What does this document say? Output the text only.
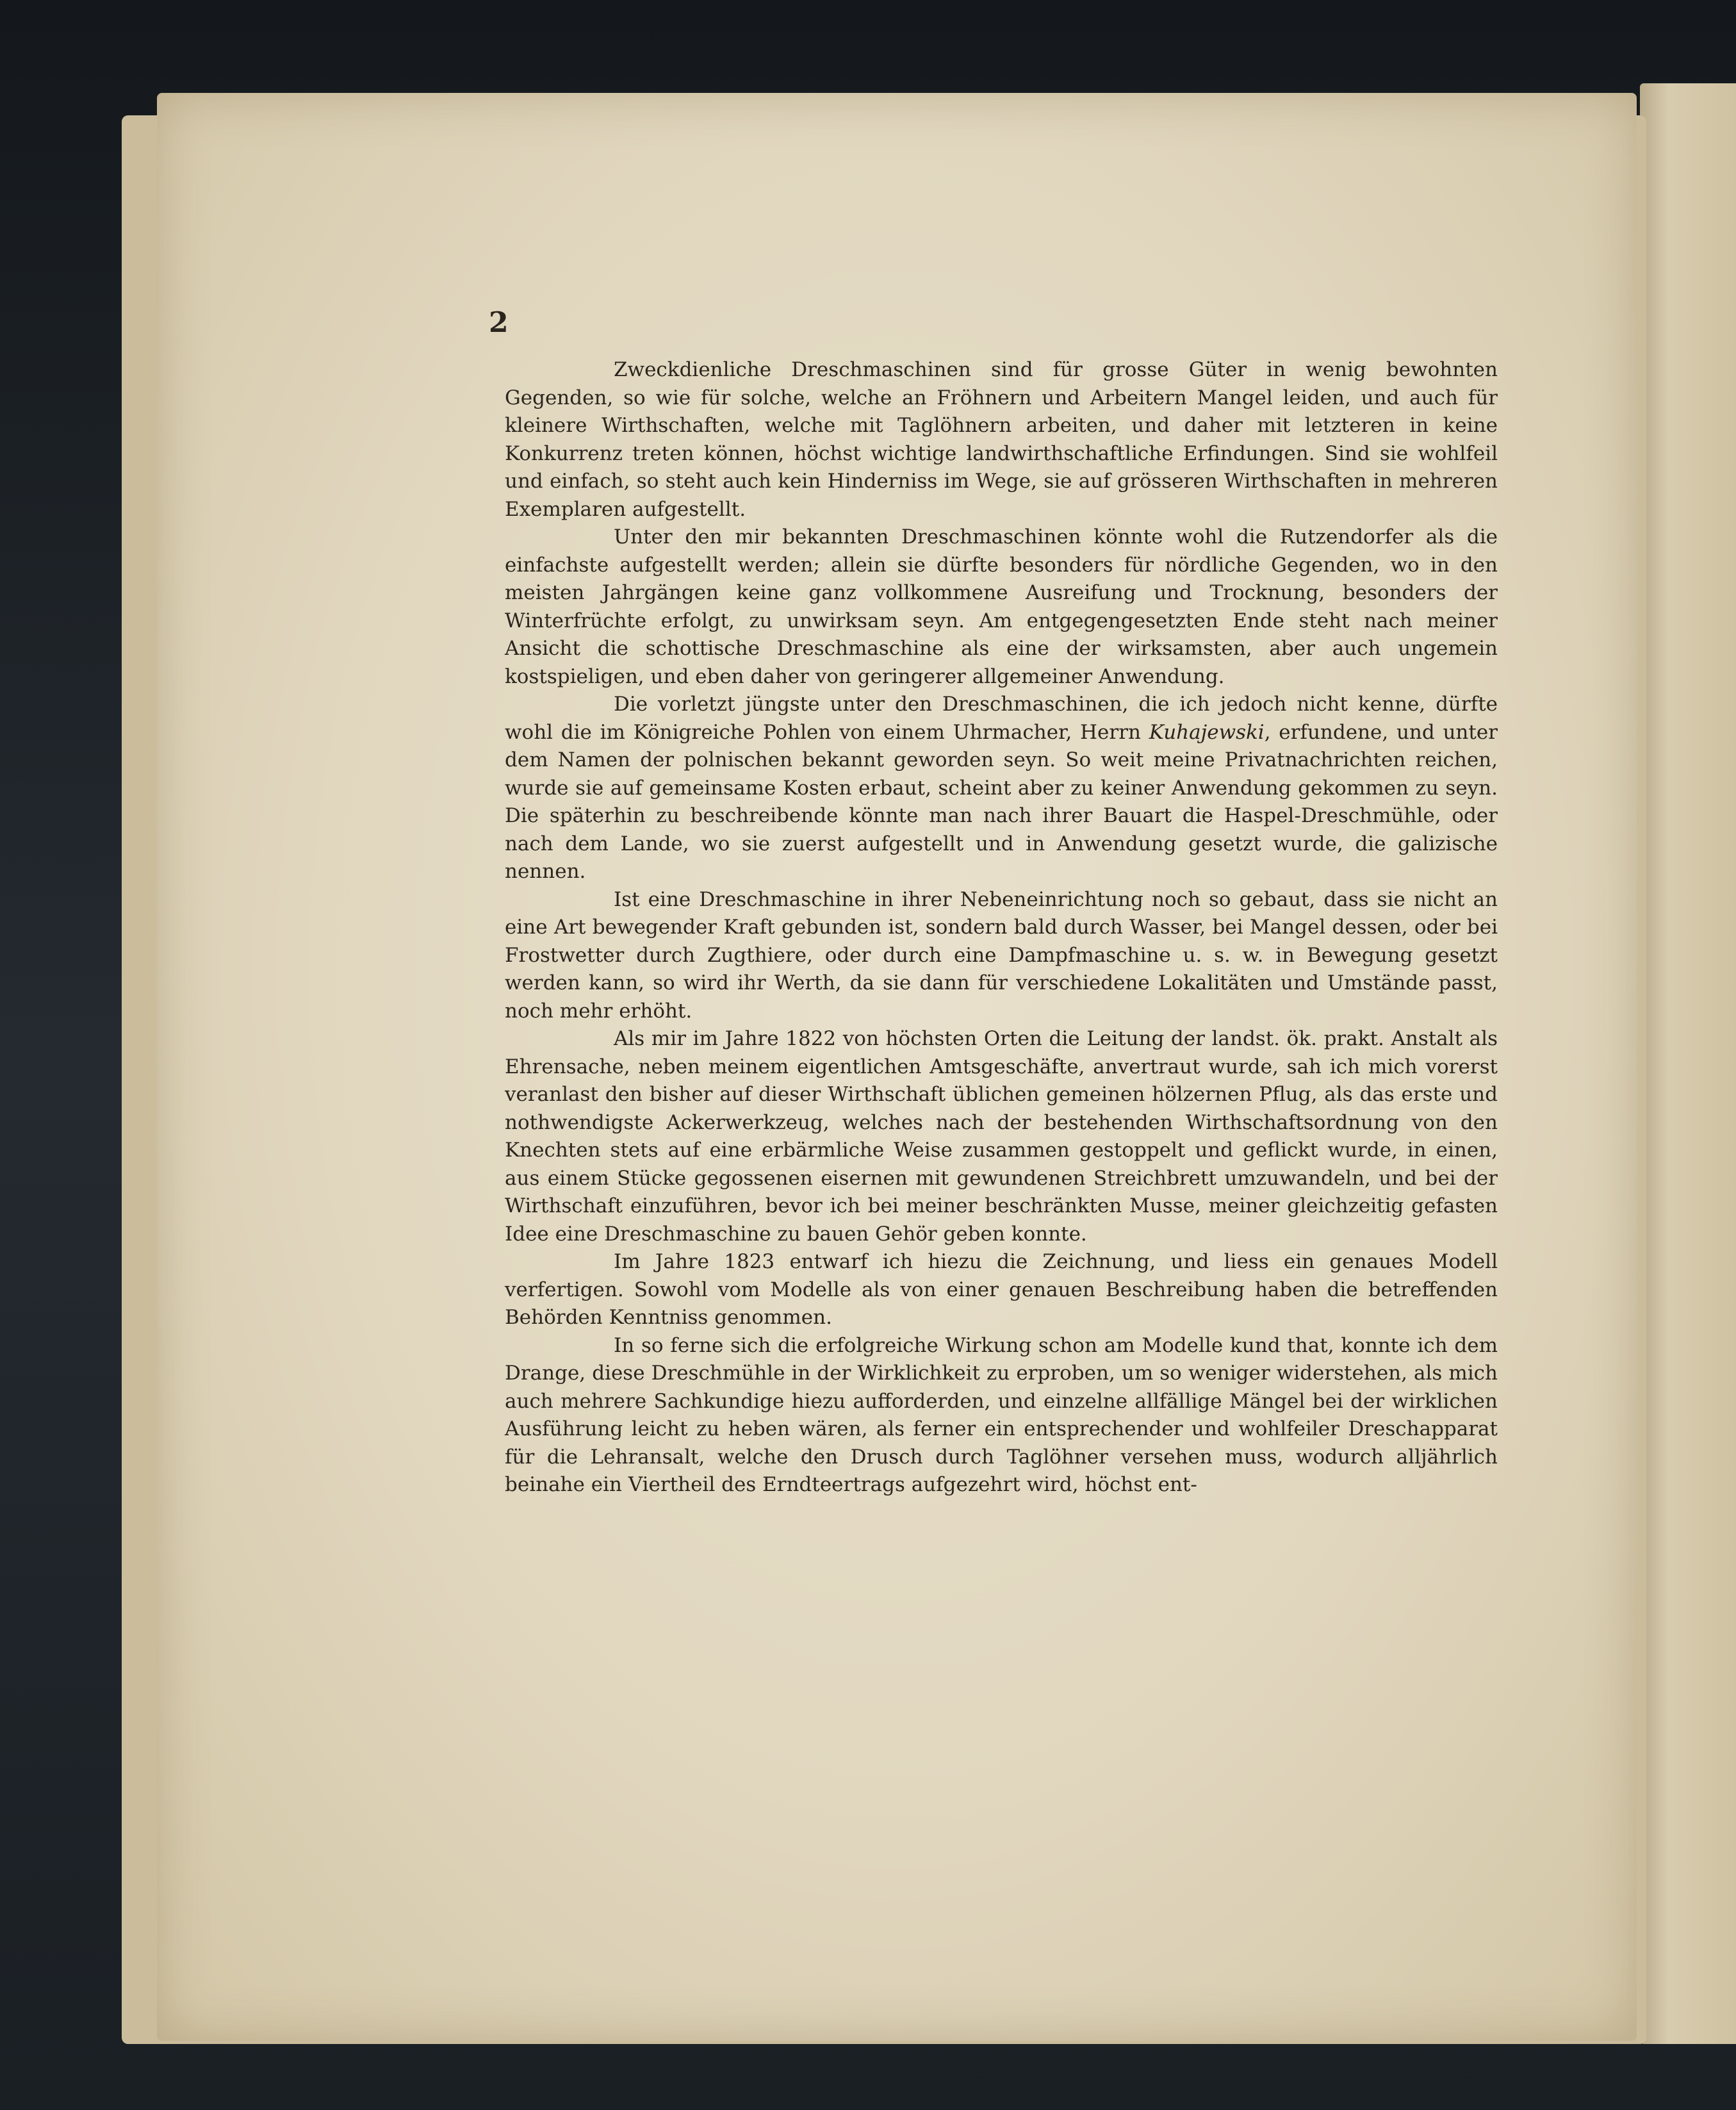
2

Zweckdienliche Dreschmaschinen sind für grosse Güter in wenig bewohnten Gegenden, so wie für solche, welche an Fröhnern und Arbeitern Mangel leiden, und auch für kleinere Wirthschaften, welche mit Taglöhnern arbeiten, und daher mit letzteren in keine Konkurrenz treten können, höchst wichtige landwirthschaftliche Erfindungen. Sind sie wohlfeil und einfach, so steht auch kein Hinderniss im Wege, sie auf grösseren Wirthschaften in mehreren Exemplaren aufgestellt.

Unter den mir bekannten Dreschmaschinen könnte wohl die Rutzendorfer als die einfachste aufgestellt werden; allein sie dürfte besonders für nördliche Gegenden, wo in den meisten Jahrgängen keine ganz vollkommene Ausreifung und Trocknung, besonders der Winterfrüchte erfolgt, zu unwirksam seyn. Am entgegengesetzten Ende steht nach meiner Ansicht die schottische Dreschmaschine als eine der wirksamsten, aber auch ungemein kostspieligen, und eben daher von geringerer allgemeiner Anwendung.

Die vorletzt jüngste unter den Dreschmaschinen, die ich jedoch nicht kenne, dürfte wohl die im Königreiche Pohlen von einem Uhrmacher, Herrn Kuhajewski, erfundene, und unter dem Namen der polnischen bekannt geworden seyn. So weit meine Privatnachrichten reichen, wurde sie auf gemeinsame Kosten erbaut, scheint aber zu keiner Anwendung gekommen zu seyn. Die späterhin zu beschreibende könnte man nach ihrer Bauart die Haspel-Dreschmühle, oder nach dem Lande, wo sie zuerst aufgestellt und in Anwendung gesetzt wurde, die galizische nennen.

Ist eine Dreschmaschine in ihrer Nebeneinrichtung noch so gebaut, dass sie nicht an eine Art bewegender Kraft gebunden ist, sondern bald durch Wasser, bei Mangel dessen, oder bei Frostwetter durch Zugthiere, oder durch eine Dampfmaschine u. s. w. in Bewegung gesetzt werden kann, so wird ihr Werth, da sie dann für verschiedene Lokalitäten und Umstände passt, noch mehr erhöht.

Als mir im Jahre 1822 von höchsten Orten die Leitung der landst. ök. prakt. Anstalt als Ehrensache, neben meinem eigentlichen Amtsgeschäfte, anvertraut wurde, sah ich mich vorerst veranlast den bisher auf dieser Wirthschaft üblichen gemeinen hölzernen Pflug, als das erste und nothwendigste Ackerwerkzeug, welches nach der bestehenden Wirthschaftsordnung von den Knechten stets auf eine erbärmliche Weise zusammen gestoppelt und geflickt wurde, in einen, aus einem Stücke gegossenen eisernen mit gewundenen Streichbrett umzuwandeln, und bei der Wirthschaft einzuführen, bevor ich bei meiner beschränkten Musse, meiner gleichzeitig gefasten Idee eine Dreschmaschine zu bauen Gehör geben konnte.

Im Jahre 1823 entwarf ich hiezu die Zeichnung, und liess ein genaues Modell verfertigen. Sowohl vom Modelle als von einer genauen Beschreibung haben die betreffenden Behörden Kenntniss genommen.

In so ferne sich die erfolgreiche Wirkung schon am Modelle kund that, konnte ich dem Drange, diese Dreschmühle in der Wirklichkeit zu erproben, um so weniger widerstehen, als mich auch mehrere Sachkundige hiezu aufforderden, und einzelne allfällige Mängel bei der wirklichen Ausführung leicht zu heben wären, als ferner ein entsprechender und wohlfeiler Dreschapparat für die Lehransalt, welche den Drusch durch Taglöhner versehen muss, wodurch alljährlich beinahe ein Viertheil des Erndteertrags aufgezehrt wird, höchst ent-
